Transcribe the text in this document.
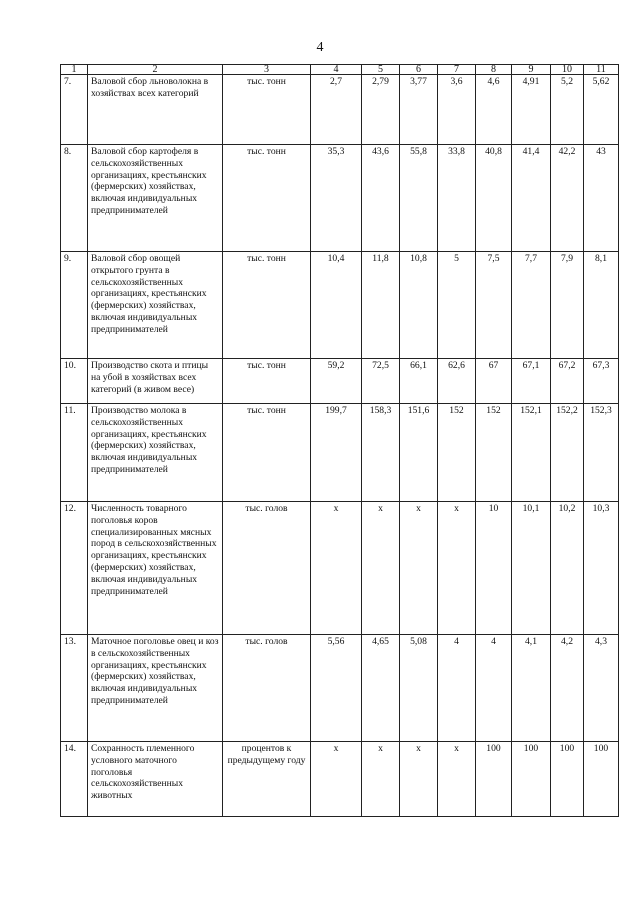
4
1	2	3	4	5	6	7	8	9	10	11
7.	Валовой сбор льноволокна в хозяйствах всех категорий	тыс. тонн	2,7	2,79	3,77	3,6	4,6	4,91	5,2	5,62
8.	Валовой сбор картофеля в сельскохозяйственных организациях, крестьянских (фермерских) хозяйствах, включая индивидуальных предпринимателей	тыс. тонн	35,3	43,6	55,8	33,8	40,8	41,4	42,2	43
9.	Валовой сбор овощей открытого грунта в сельскохозяйственных организациях, крестьянских (фермерских) хозяйствах, включая индивидуальных предпринимателей	тыс. тонн	10,4	11,8	10,8	5	7,5	7,7	7,9	8,1
10.	Производство скота и птицы на убой в хозяйствах всех категорий (в живом весе)	тыс. тонн	59,2	72,5	66,1	62,6	67	67,1	67,2	67,3
11.	Производство молока в сельскохозяйственных организациях, крестьянских (фермерских) хозяйствах, включая индивидуальных предпринимателей	тыс. тонн	199,7	158,3	151,6	152	152	152,1	152,2	152,3
12.	Численность товарного поголовья коров специализированных мясных пород в сельскохозяйственных организациях, крестьянских (фермерских) хозяйствах, включая индивидуальных предпринимателей	тыс. голов	х	х	х	х	10	10,1	10,2	10,3
13.	Маточное поголовье овец и коз в сельскохозяйственных организациях, крестьянских (фермерских) хозяйствах, включая индивидуальных предпринимателей	тыс. голов	5,56	4,65	5,08	4	4	4,1	4,2	4,3
14.	Сохранность племенного условного маточного поголовья сельскохозяйственных животных	процентов к предыдущему году	х	х	х	х	100	100	100	100
